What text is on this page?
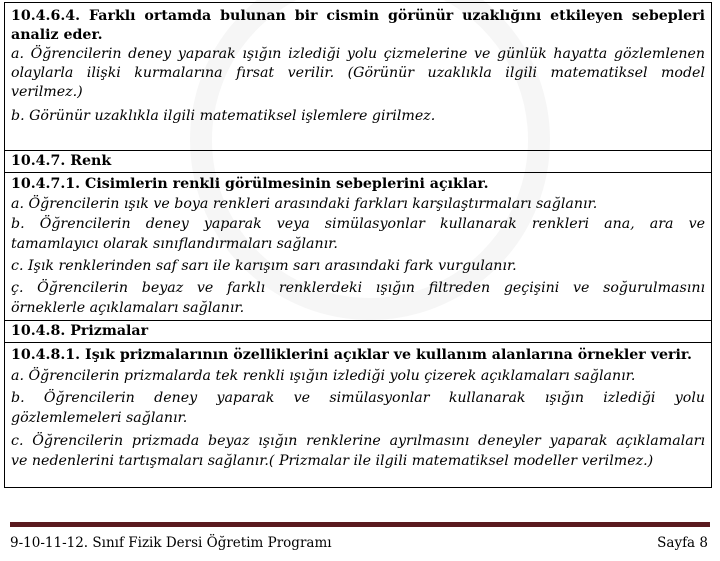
10.4.6.4. Farklı ortamda bulunan bir cismin görünür uzaklığını etkileyen sebepleri
analiz eder.
a. Öğrencilerin deney yaparak ışığın izlediği yolu çizmelerine ve günlük hayatta gözlemlenen
olaylarla ilişki kurmalarına fırsat verilir. (Görünür uzaklıkla ilgili matematiksel model
verilmez.)
b. Görünür uzaklıkla ilgili matematiksel işlemlere girilmez.
10.4.7. Renk
10.4.7.1. Cisimlerin renkli görülmesinin sebeplerini açıklar.
a. Öğrencilerin ışık ve boya renkleri arasındaki farkları karşılaştırmaları sağlanır.
b. Öğrencilerin deney yaparak veya simülasyonlar kullanarak renkleri ana, ara ve
tamamlayıcı olarak sınıflandırmaları sağlanır.
c. Işık renklerinden saf sarı ile karışım sarı arasındaki fark vurgulanır.
ç. Öğrencilerin beyaz ve farklı renklerdeki ışığın filtreden geçişini ve soğurulmasını
örneklerle açıklamaları sağlanır.
10.4.8. Prizmalar
10.4.8.1. Işık prizmalarının özelliklerini açıklar ve kullanım alanlarına örnekler verir.
a. Öğrencilerin prizmalarda tek renkli ışığın izlediği yolu çizerek açıklamaları sağlanır.
b. Öğrencilerin deney yaparak ve simülasyonlar kullanarak ışığın izlediği yolu
gözlemlemeleri sağlanır.
c. Öğrencilerin prizmada beyaz ışığın renklerine ayrılmasını deneyler yaparak açıklamaları
ve nedenlerini tartışmaları sağlanır.( Prizmalar ile ilgili matematiksel modeller verilmez.)
9-10-11-12. Sınıf Fizik Dersi Öğretim Programı	Sayfa 8
